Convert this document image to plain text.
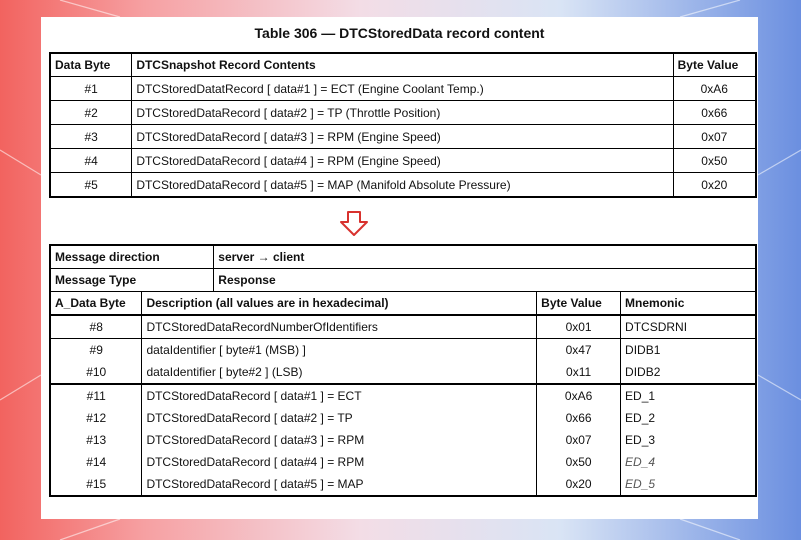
Table 306 — DTCStoredData record content
Data Byte	DTCSnapshot Record Contents	Byte Value
#1	DTCStoredDatatRecord [ data#1 ] = ECT (Engine Coolant Temp.)	0xA6
#2	DTCStoredDataRecord [ data#2 ] = TP (Throttle Position)	0x66
#3	DTCStoredDataRecord [ data#3 ] = RPM (Engine Speed)	0x07
#4	DTCStoredDataRecord [ data#4 ] = RPM (Engine Speed)	0x50
#5	DTCStoredDataRecord [ data#5 ] = MAP (Manifold Absolute Pressure)	0x20
Message direction		server → client		
Message Type		Response		
A_Data Byte	Description (all values are in hexadecimal)		Byte Value	Mnemonic
#8	DTCStoredDataRecordNumberOfIdentifiers		0x01	DTCSDRNI
#9	dataIdentifier [ byte#1 (MSB) ]		0x47	DIDB1
#10	dataIdentifier [ byte#2 ] (LSB)		0x11	DIDB2
#11	DTCStoredDataRecord [ data#1 ] = ECT		0xA6	ED_1
#12	DTCStoredDataRecord [ data#2 ] = TP		0x66	ED_2
#13	DTCStoredDataRecord [ data#3 ] = RPM		0x07	ED_3
#14	DTCStoredDataRecord [ data#4 ] = RPM		0x50	ED_4
#15	DTCStoredDataRecord [ data#5 ] = MAP		0x20	ED_5
